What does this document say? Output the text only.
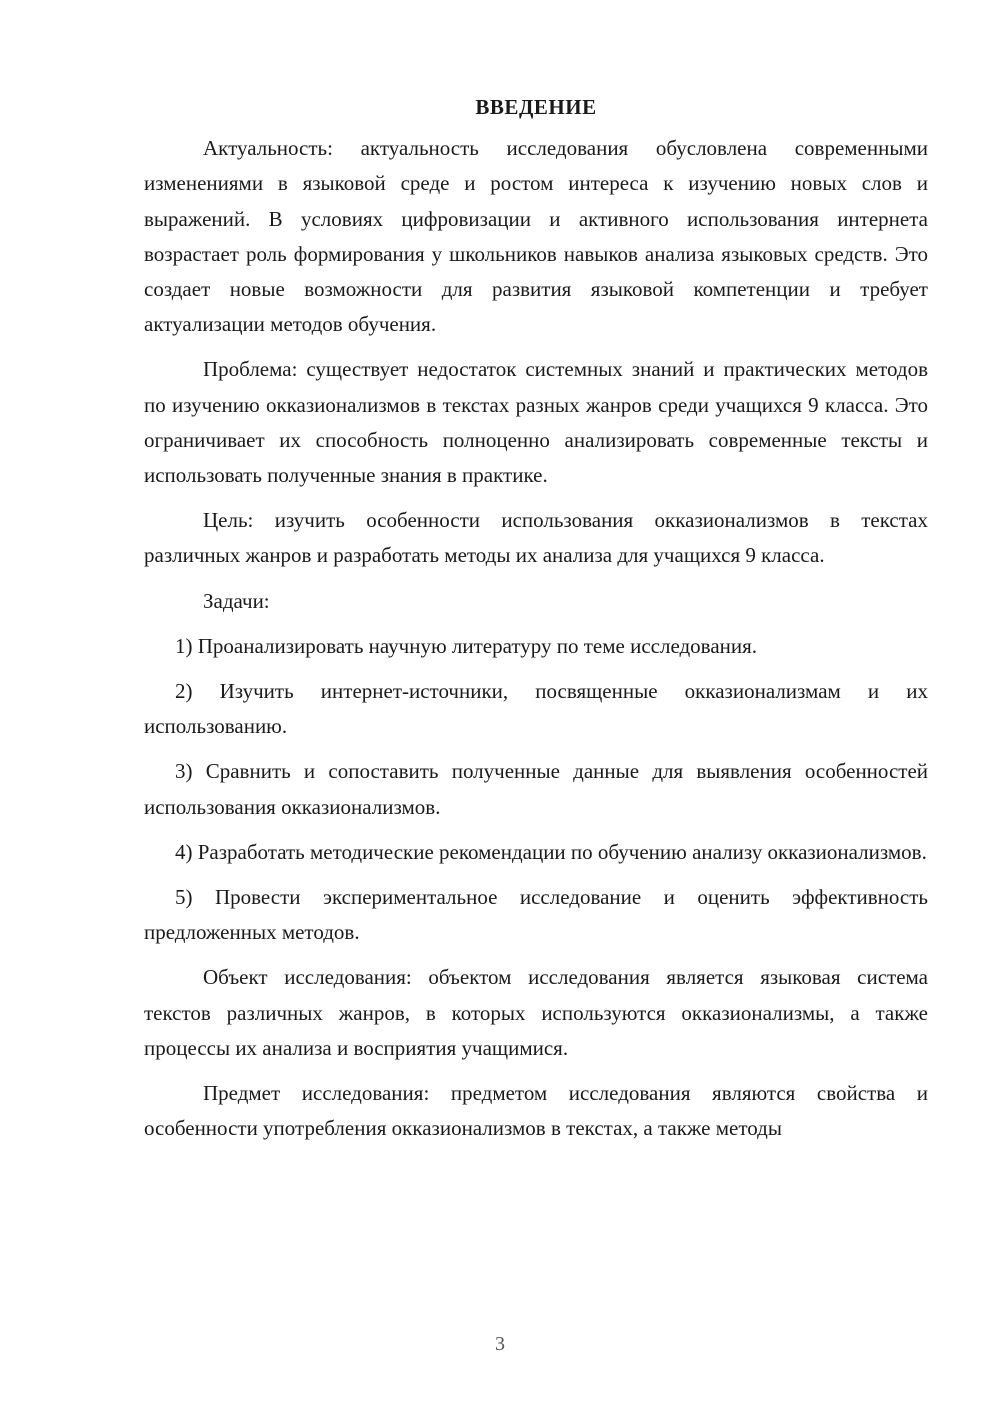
ВВЕДЕНИЕ

Актуальность: актуальность исследования обусловлена современными изменениями в языковой среде и ростом интереса к изучению новых слов и выражений. В условиях цифровизации и активного использования интернета возрастает роль формирования у школьников навыков анализа языковых средств. Это создает новые возможности для развития языковой компетенции и требует актуализации методов обучения.

Проблема: существует недостаток системных знаний и практических методов по изучению окказионализмов в текстах разных жанров среди учащихся 9 класса. Это ограничивает их способность полноценно анализировать современные тексты и использовать полученные знания в практике.

Цель: изучить особенности использования окказионализмов в текстах различных жанров и разработать методы их анализа для учащихся 9 класса.

Задачи:

1) Проанализировать научную литературу по теме исследования.

2) Изучить интернет-источники, посвященные окказионализмам и их использованию.

3) Сравнить и сопоставить полученные данные для выявления особенностей использования окказионализмов.

4) Разработать методические рекомендации по обучению анализу окказионализмов.

5) Провести экспериментальное исследование и оценить эффективность предложенных методов.

Объект исследования: объектом исследования является языковая система текстов различных жанров, в которых используются окказионализмы, а также процессы их анализа и восприятия учащимися.

Предмет исследования: предметом исследования являются свойства и особенности употребления окказионализмов в текстах, а также методы

3
